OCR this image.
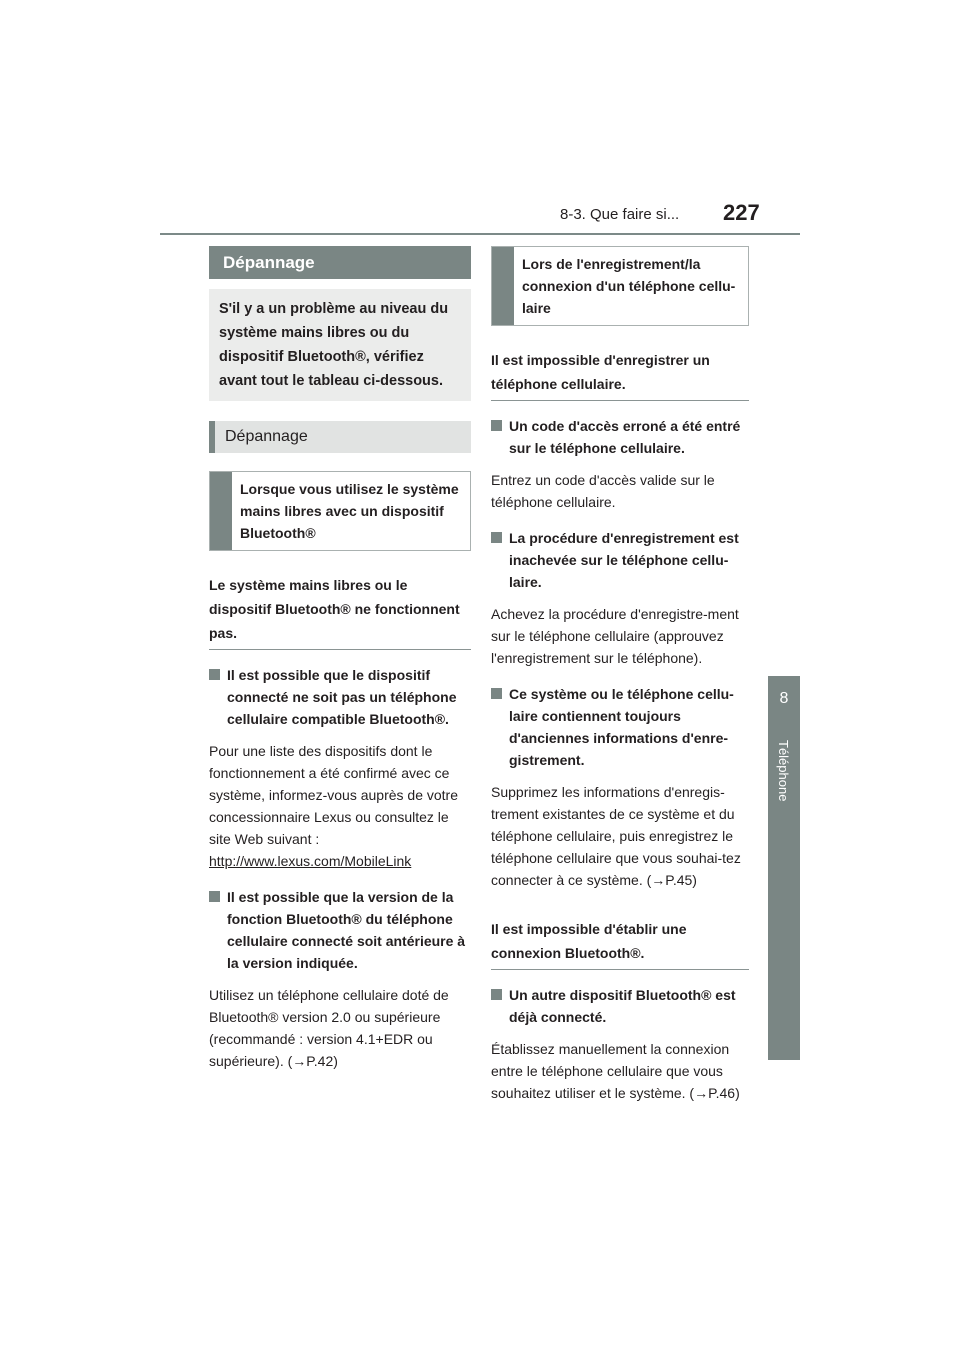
8-3. Que faire si... 227
8
Téléphone
Dépannage
S'il y a un problème au niveau du système mains libres ou du dispositif Bluetooth®, vérifiez avant tout le tableau ci-dessous.
Dépannage
Lorsque vous utilisez le système mains libres avec un dispositif Bluetooth®
Le système mains libres ou le dispositif Bluetooth® ne fonctionnent pas.
Il est possible que le dispositif connecté ne soit pas un téléphone cellulaire compatible Bluetooth®.
Pour une liste des dispositifs dont le fonctionnement a été confirmé avec ce système, informez-vous auprès de votre concessionnaire Lexus ou consultez le site Web suivant :
http://www.lexus.com/MobileLink
Il est possible que la version de la fonction Bluetooth® du téléphone cellulaire connecté soit antérieure à la version indiquée.
Utilisez un téléphone cellulaire doté de Bluetooth® version 2.0 ou supérieure (recommandé : version 4.1+EDR ou supérieure). (→P.42)
Lors de l'enregistrement/la connexion d'un téléphone cellu-laire
Il est impossible d'enregistrer un téléphone cellulaire.
Un code d'accès erroné a été entré sur le téléphone cellulaire.
Entrez un code d'accès valide sur le téléphone cellulaire.
La procédure d'enregistrement est inachevée sur le téléphone cellu-laire.
Achevez la procédure d'enregistre-ment sur le téléphone cellulaire (approuvez l'enregistrement sur le téléphone).
Ce système ou le téléphone cellu-laire contiennent toujours d'anciennes informations d'enre-gistrement.
Supprimez les informations d'enregis-trement existantes de ce système et du téléphone cellulaire, puis enregistrez le téléphone cellulaire que vous souhai-tez connecter à ce système. (→P.45)
Il est impossible d'établir une connexion Bluetooth®.
Un autre dispositif Bluetooth® est déjà connecté.
Établissez manuellement la connexion entre le téléphone cellulaire que vous souhaitez utiliser et le système. (→P.46)
